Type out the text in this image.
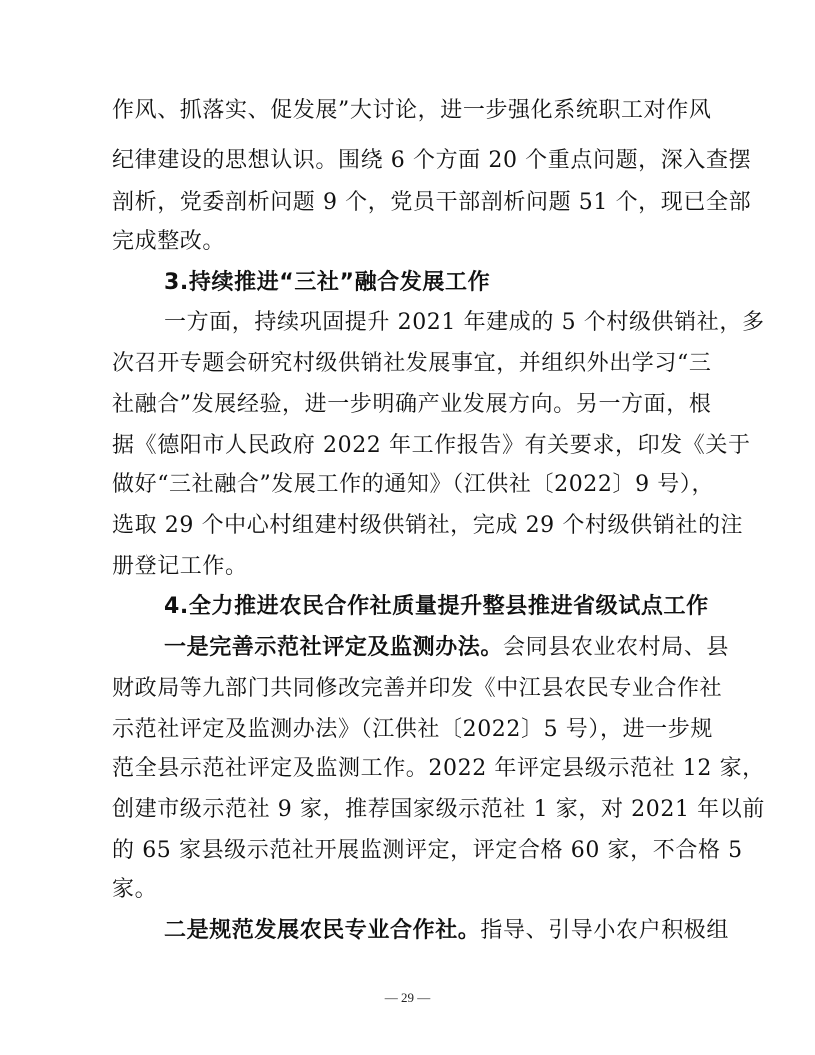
作风、抓落实、促发展”大讨论，进一步强化系统职工对作风
纪律建设的思想认识。围绕 6 个方面 20 个重点问题，深入查摆
剖析，党委剖析问题 9 个，党员干部剖析问题 51 个，现已全部
完成整改。
3.持续推进“三社”融合发展工作
一方面，持续巩固提升 2021 年建成的 5 个村级供销社，多
次召开专题会研究村级供销社发展事宜，并组织外出学习“三
社融合”发展经验，进一步明确产业发展方向。另一方面，根
据《德阳市人民政府 2022 年工作报告》有关要求，印发《关于
做好“三社融合”发展工作的通知》（江供社〔2022〕9 号），
选取 29 个中心村组建村级供销社，完成 29 个村级供销社的注
册登记工作。
4.全力推进农民合作社质量提升整县推进省级试点工作
一是完善示范社评定及监测办法。会同县农业农村局、县
财政局等九部门共同修改完善并印发《中江县农民专业合作社
示范社评定及监测办法》（江供社〔2022〕5 号），进一步规
范全县示范社评定及监测工作。2022 年评定县级示范社 12 家，
创建市级示范社 9 家，推荐国家级示范社 1 家，对 2021 年以前
的 65 家县级示范社开展监测评定，评定合格 60 家，不合格 5
家。
二是规范发展农民专业合作社。指导、引导小农户积极组
— 29 —
